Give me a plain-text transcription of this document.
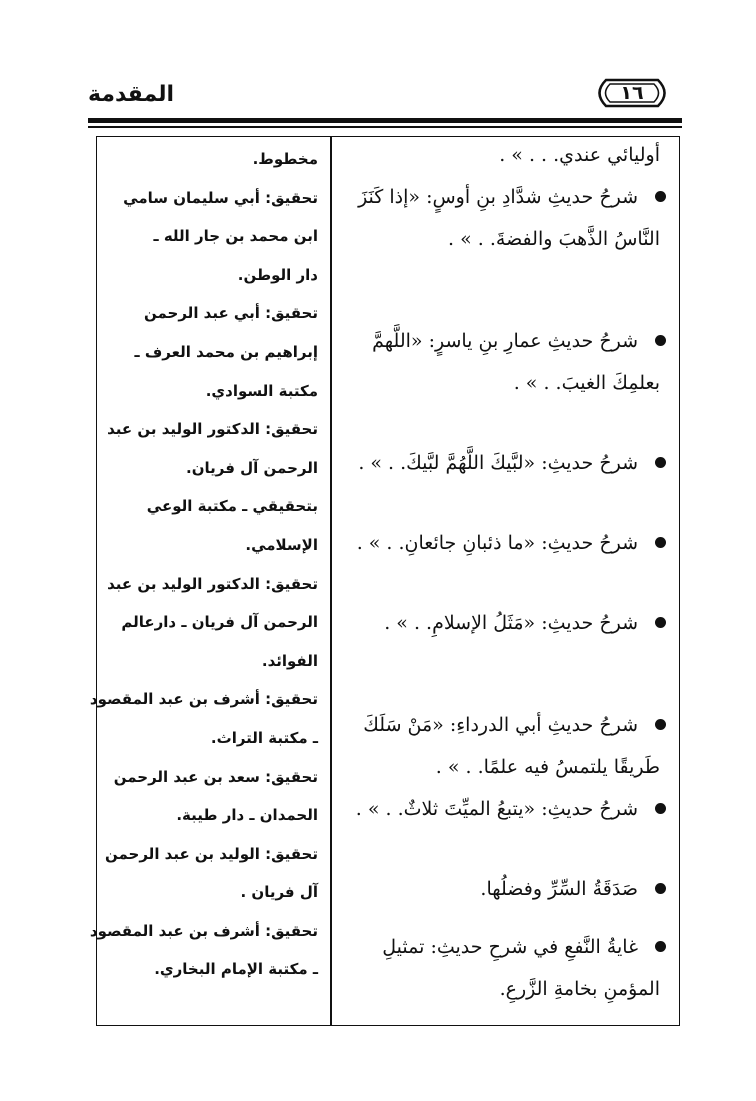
المقدمة	١٦
أوليائي عندي. . . » .
شرحُ حديثِ شدَّادِ بنِ أوسٍ: «إذا كَنَزَ
النَّاسُ الذَّهبَ والفضةَ. . » .
شرحُ حديثِ عمارِ بنِ ياسرٍ: «اللَّهمَّ
بعلمِكَ الغيبَ. . » .
شرحُ حديثِ: «لبَّيكَ اللَّهُمَّ لبَّيكَ. . » .
شرحُ حديثِ: «ما ذئبانِ جائعانِ. . » .
شرحُ حديثِ: «مَثَلُ الإسلامِ. . » .
شرحُ حديثِ أبي الدرداءِ: «مَنْ سَلَكَ
طَريقًا يلتمسُ فيه علمًا. . » .
شرحُ حديثِ: «يتبعُ الميِّتَ ثلاثٌ. . » .
صَدَقَةُ السِّرِّ وفضلُها.
غايةُ النَّفعِ في شرحِ حديثِ: تمثيلِ
المؤمنِ بخامةِ الزَّرعِ.
مخطوط.
تحقيق: أبي سليمان سامي
ابن محمد بن جار الله ـ
دار الوطن.
تحقيق: أبي عبد الرحمن
إبراهيم بن محمد العرف ـ
مكتبة السوادي.
تحقيق: الدكتور الوليد بن عبد
الرحمن آل فريان.
بتحقيقي ـ مكتبة الوعي
الإسلامي.
تحقيق: الدكتور الوليد بن عبد
الرحمن آل فريان ـ دارعالم
الفوائد.
تحقيق: أشرف بن عبد المقصود
ـ مكتبة التراث.
تحقيق: سعد بن عبد الرحمن
الحمدان ـ دار طيبة.
تحقيق: الوليد بن عبد الرحمن
آل فريان .
تحقيق: أشرف بن عبد المقصود
ـ مكتبة الإمام البخاري.
